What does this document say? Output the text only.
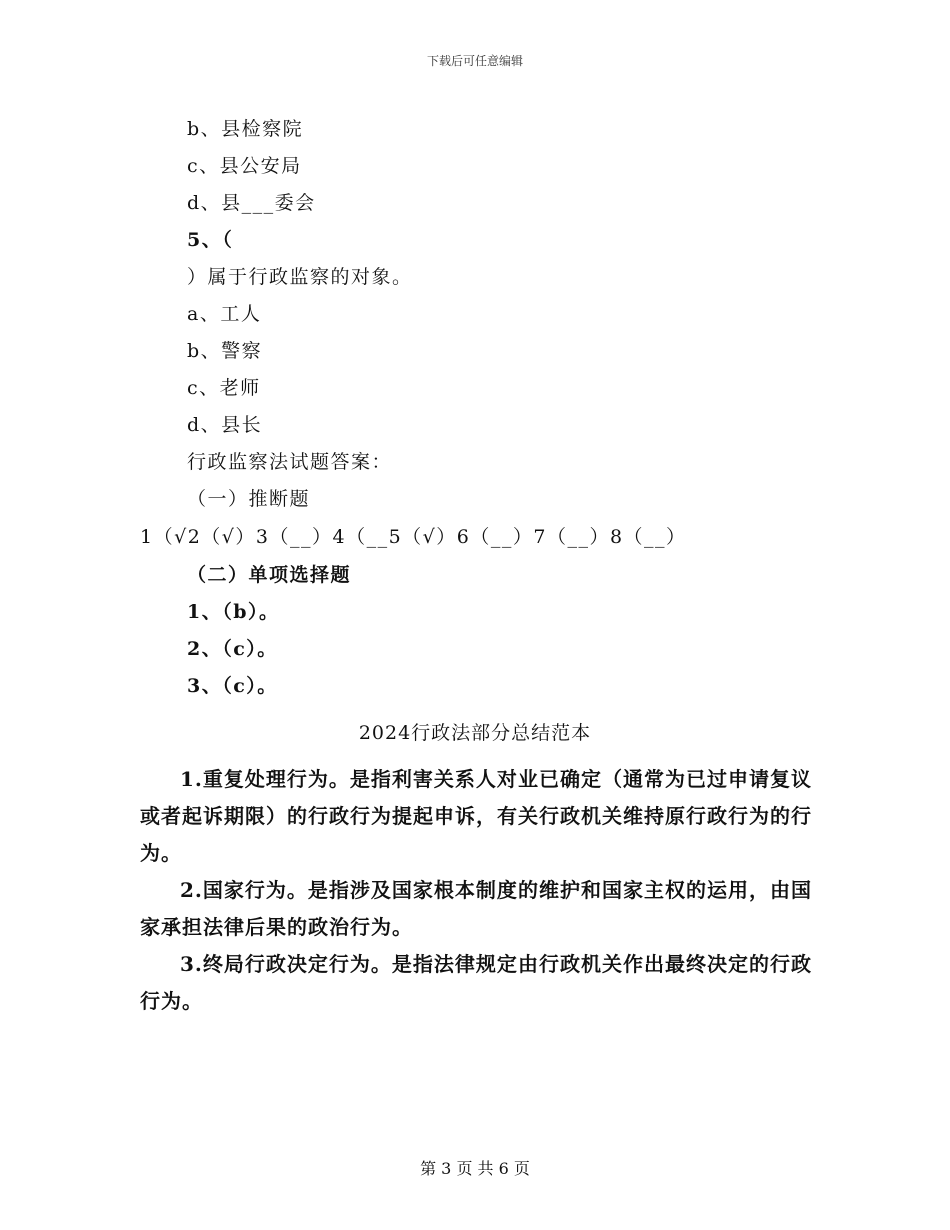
下载后可任意编辑
b、县检察院
c、县公安局
d、县___委会
5、（
）属于行政监察的对象。
a、工人
b、警察
c、老师
d、县长
行政监察法试题答案：
（一）推断题
1（√2（√）3（__）4（__5（√）6（__）7（__）8（__）
（二）单项选择题
1、（b）。
2、（c）。
3、（c）。
2024行政法部分总结范本
1.重复处理行为。是指利害关系人对业已确定（通常为已过申请复议或者起诉期限）的行政行为提起申诉，有关行政机关维持原行政行为的行为。
2.国家行为。是指涉及国家根本制度的维护和国家主权的运用，由国家承担法律后果的政治行为。
3.终局行政决定行为。是指法律规定由行政机关作出最终决定的行政行为。
第 3 页 共 6 页
